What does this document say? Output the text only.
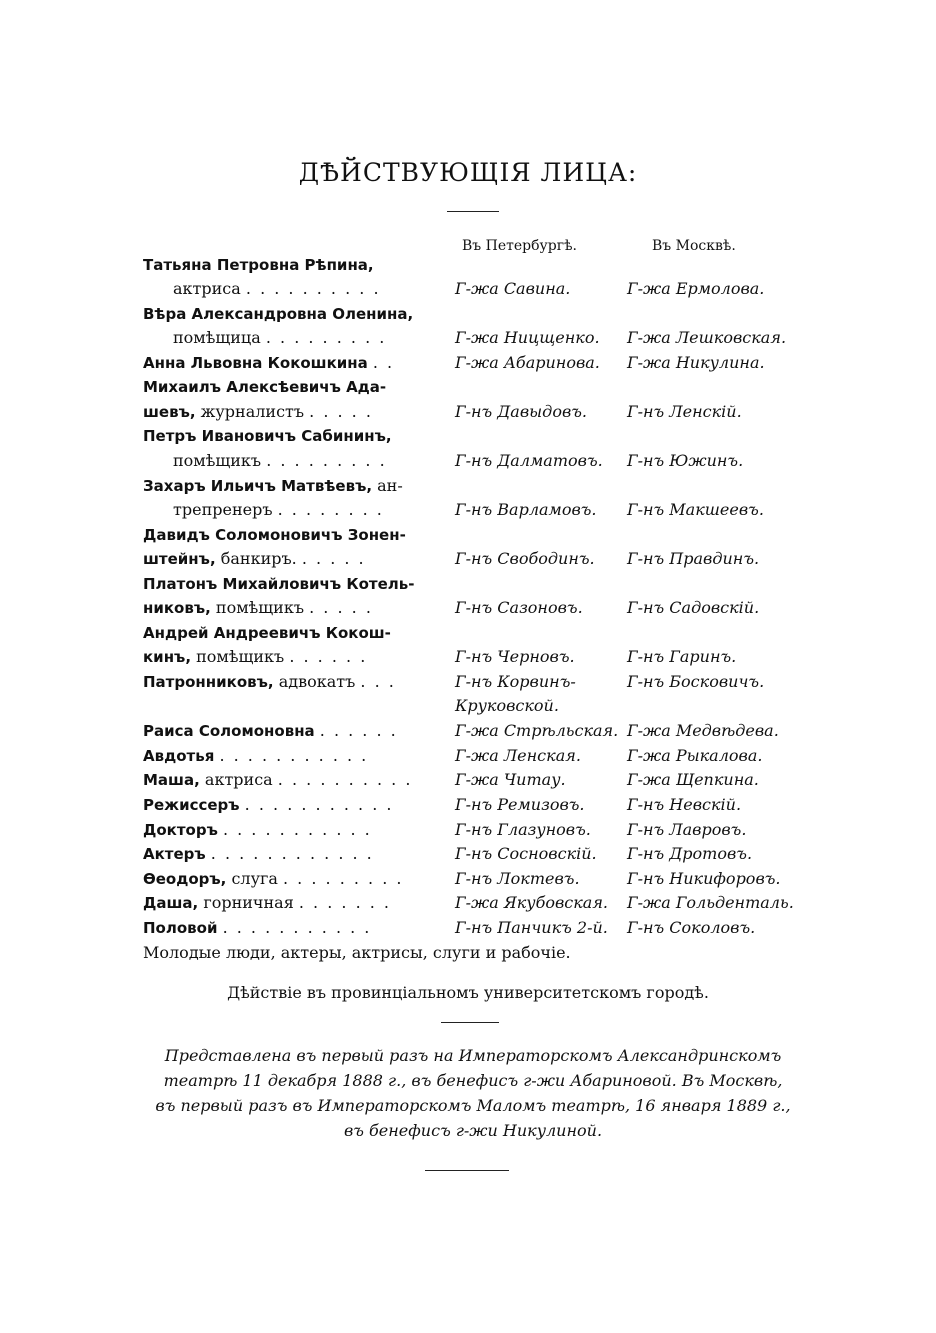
ДѢЙСТВУЮЩІЯ ЛИЦА:
Въ Петербургѣ.	Въ Москвѣ.
Татьяна Петровна Рѣпина,
актриса . . . . . . . . . .	Г-жа Савина.	Г-жа Ермолова.
Вѣра Александровна Оленина,
помѣщица . . . . . . . . .	Г-жа Ницщенко. Г-жа Лешковская.
Анна Львовна Кокошкина . .	Г-жа Абаринова. Г-жа Никулина.
Михаилъ Алексѣевичъ Ада-
шевъ, журналистъ . . . . .	Г-нъ Давыдовъ. Г-нъ Ленскій.
Петръ Ивановичъ Сабининъ,
помѣщикъ . . . . . . . . .	Г-нъ Далматовъ. Г-нъ Южинъ.
Захаръ Ильичъ Матвѣевъ, ан-
трепренеръ . . . . . . . .	Г-нъ Варламовъ. Г-нъ Макшеевъ.
Давидъ Соломоновичъ Зонен-
штейнъ, банкиръ. . . . . .	Г-нъ Свободинъ. Г-нъ Правдинъ.
Платонъ Михайловичъ Котель-
никовъ, помѣщикъ . . . . .	Г-нъ Сазоновъ.	Г-нъ Садовскій.
Андрей Андреевичъ Кокош-
кинъ, помѣщикъ . . . . . .	Г-нъ Черновъ.	Г-нъ Гаринъ.
Патронниковъ, адвокатъ . . .	Г-нъ Корвинъ-	Г-нъ Босковичъ.
Круковской.
Раиса Соломоновна . . . . . .	Г-жа Стрѣльская. Г-жа Медвѣдева.
Авдотья . . . . . . . . . . .	Г-жа Ленская.	Г-жа Рыкалова.
Маша, актриса . . . . . . . . . .	Г-жа Читау.	Г-жа Щепкина.
Режиссеръ . . . . . . . . . . .	Г-нъ Ремизовъ.	Г-нъ Невскій.
Докторъ . . . . . . . . . . .	Г-нъ Глазуновъ. Г-нъ Лавровъ.
Актеръ . . . . . . . . . . . .	Г-нъ Сосновскій. Г-нъ Дротовъ.
Ѳеодоръ, слуга . . . . . . . . .	Г-нъ Локтевъ.	Г-нъ Никифоровъ.
Даша, горничная . . . . . . .	Г-жа Якубовская. Г-жа Гольденталь.
Половой . . . . . . . . . . .	Г-нъ Панчикъ 2-й. Г-нъ Соколовъ.
Молодые люди, актеры, актрисы, слуги и рабочіе.
Дѣйствіе въ провинціальномъ университетскомъ городѣ.
Представлена въ первый разъ на Императорскомъ Александринскомъ
театрѣ 11 декабря 1888 г., въ бенефисъ г-жи Абариновой. Въ Москвѣ,
въ первый разъ въ Императорскомъ Маломъ театрѣ, 16 января 1889 г.,
въ бенефисъ г-жи Никулиной.
